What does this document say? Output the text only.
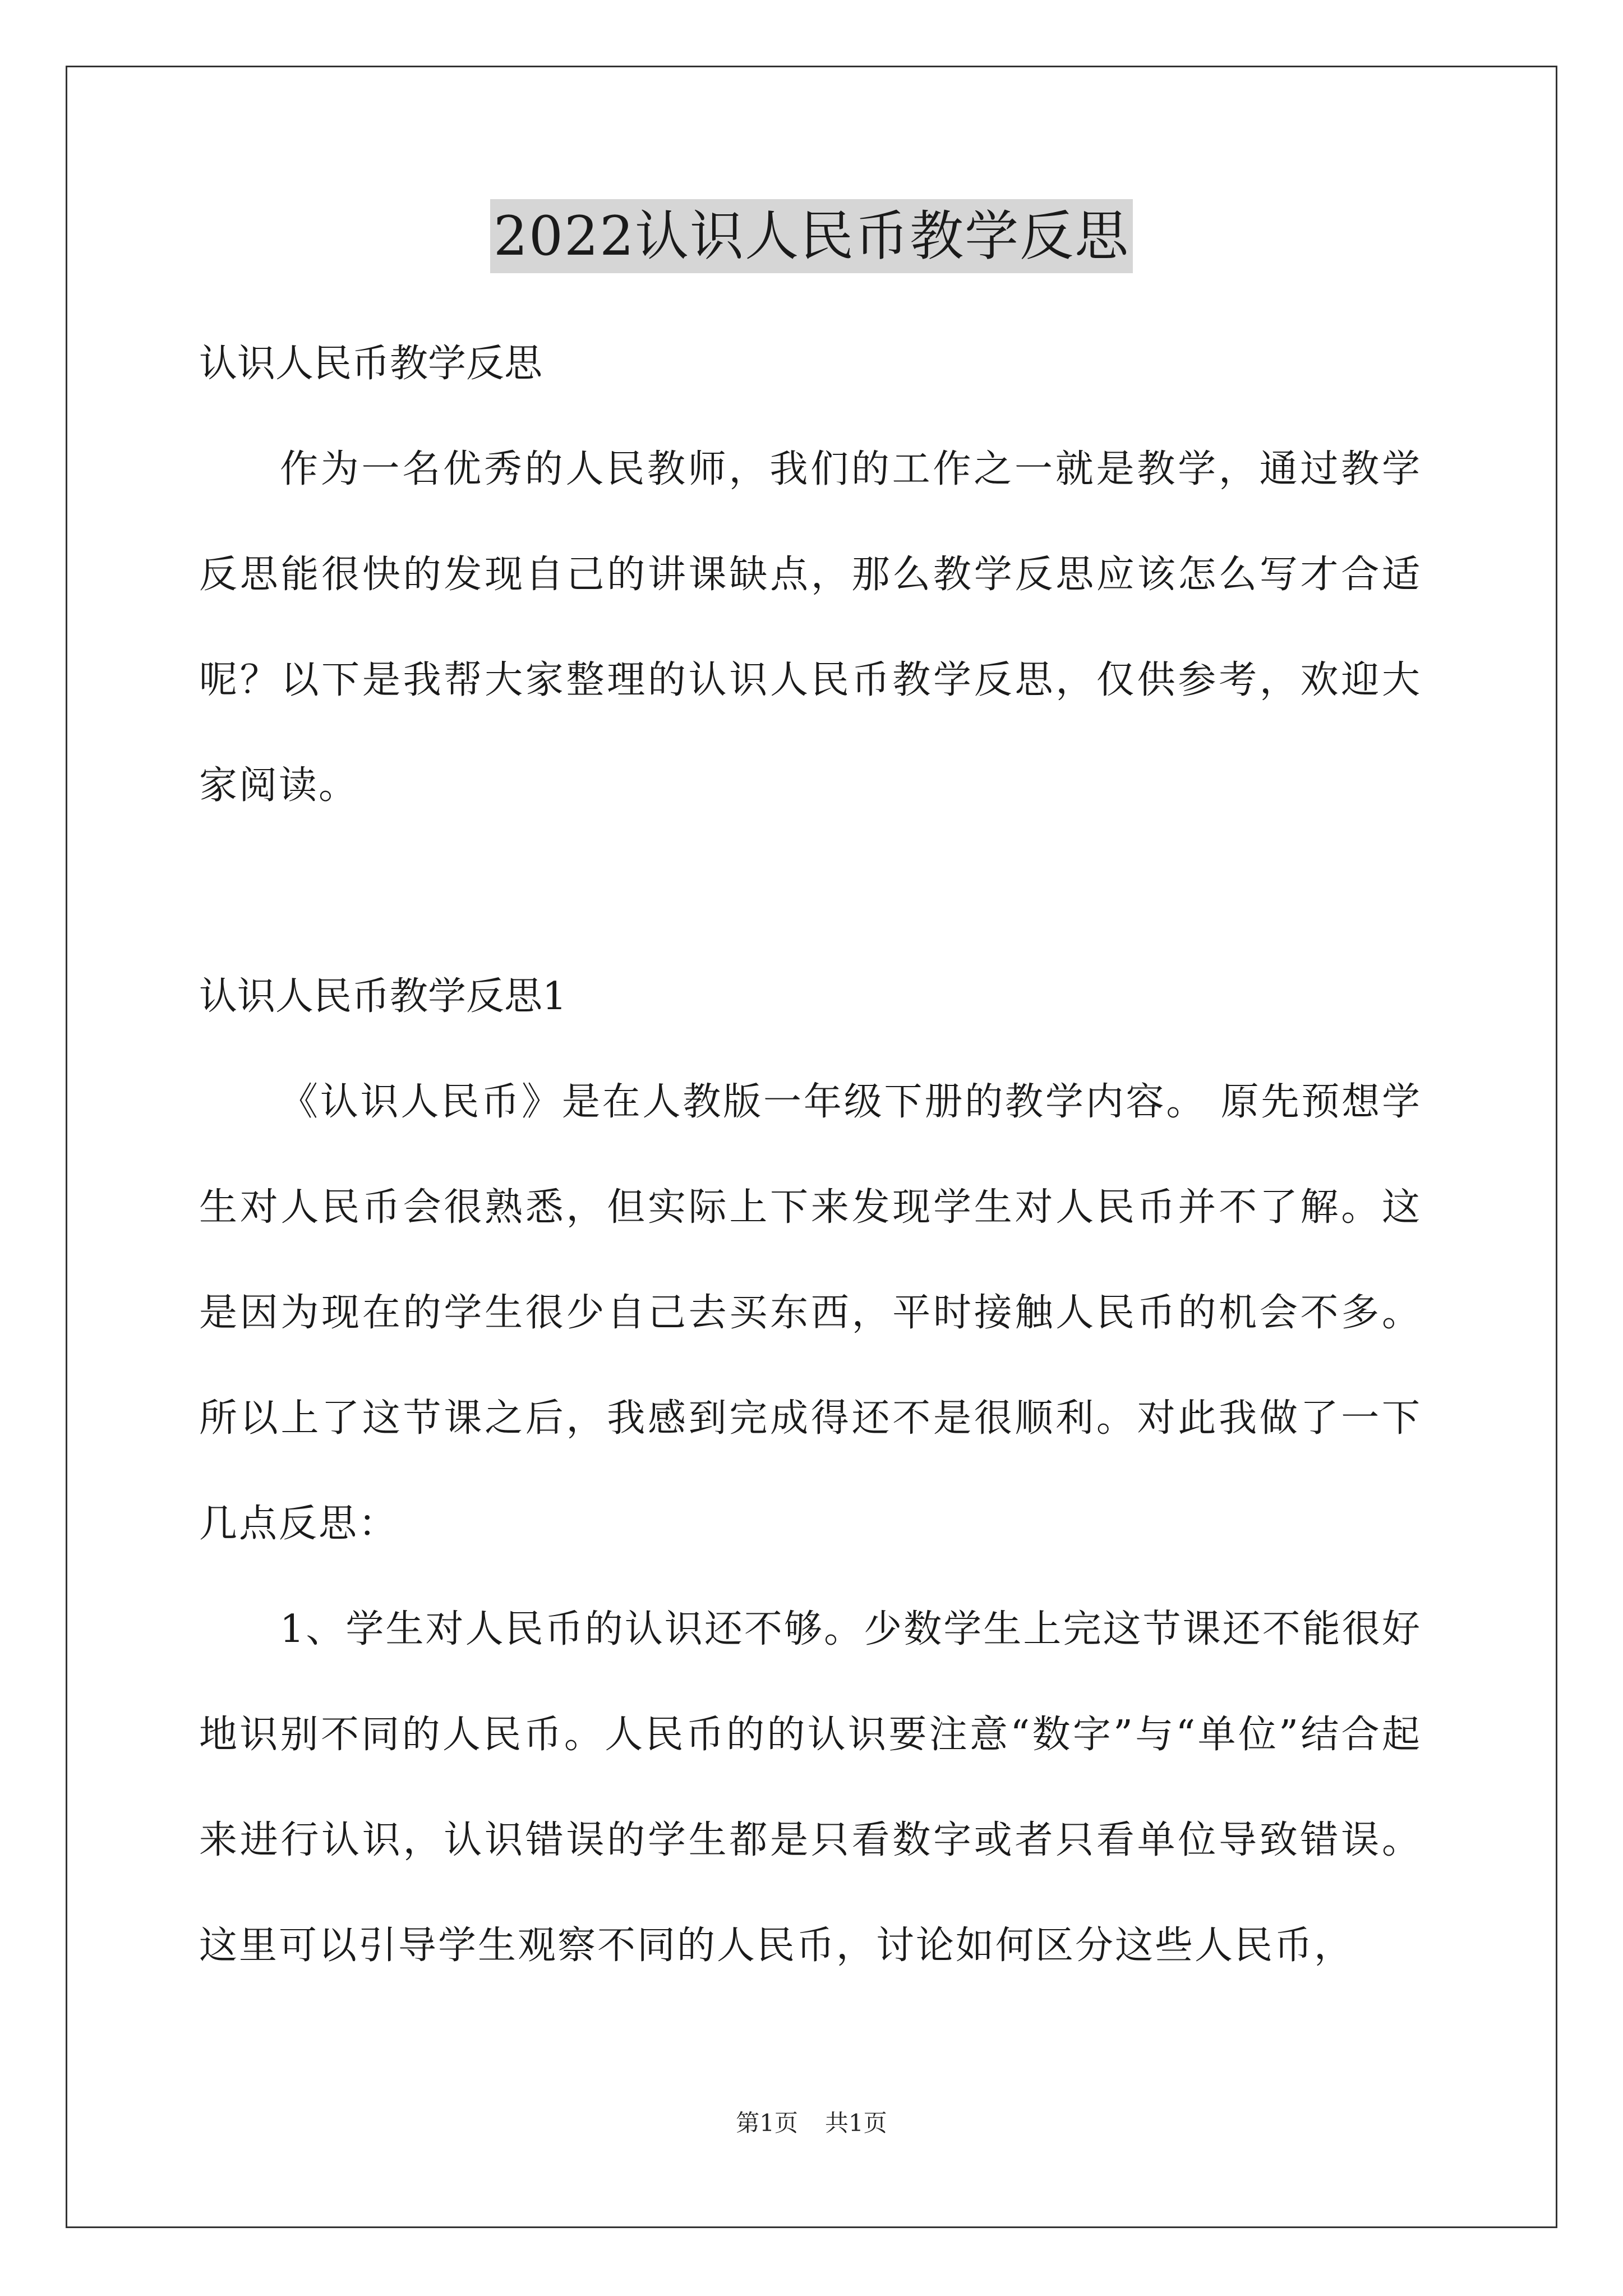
2022认识人民币教学反思

认识人民币教学反思

作为一名优秀的人民教师，我们的工作之一就是教学，通过教学反思能很快的发现自己的讲课缺点，那么教学反思应该怎么写才合适呢？以下是我帮大家整理的认识人民币教学反思，仅供参考，欢迎大家阅读。

认识人民币教学反思1

《认识人民币》是在人教版一年级下册的教学内容。 原先预想学生对人民币会很熟悉，但实际上下来发现学生对人民币并不了解。这是因为现在的学生很少自己去买东西，平时接触人民币的机会不多。所以上了这节课之后，我感到完成得还不是很顺利。对此我做了一下几点反思：

1、学生对人民币的认识还不够。少数学生上完这节课还不能很好地识别不同的人民币。人民币的的认识要注意“数字”与“单位”结合起来进行认识，认识错误的学生都是只看数字或者只看单位导致错误。这里可以引导学生观察不同的人民币，讨论如何区分这些人民币，

第1页 共1页
